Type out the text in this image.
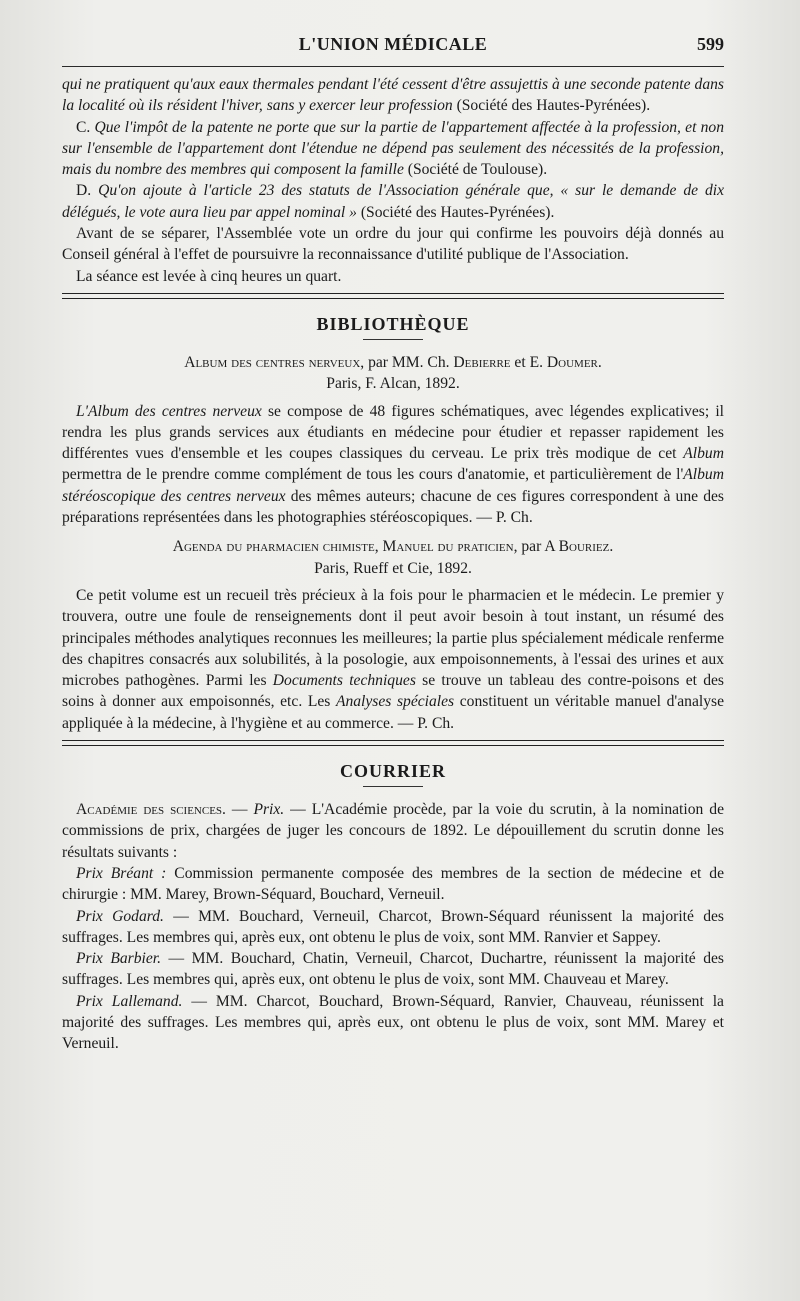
L'UNION MÉDICALE	599

qui ne pratiquent qu'aux eaux thermales pendant l'été cessent d'être assujettis à une seconde patente dans la localité où ils résident l'hiver, sans y exercer leur profession (Société des Hautes-Pyrénées).

C. Que l'impôt de la patente ne porte que sur la partie de l'appartement affectée à la profession, et non sur l'ensemble de l'appartement dont l'étendue ne dépend pas seulement des nécessités de la profession, mais du nombre des membres qui composent la famille (Société de Toulouse).

D. Qu'on ajoute à l'article 23 des statuts de l'Association générale que, « sur le demande de dix délégués, le vote aura lieu par appel nominal » (Société des Hautes-Pyrénées).

Avant de se séparer, l'Assemblée vote un ordre du jour qui confirme les pouvoirs déjà donnés au Conseil général à l'effet de poursuivre la reconnaissance d'utilité publique de l'Association.

La séance est levée à cinq heures un quart.

BIBLIOTHÈQUE

Album des centres nerveux, par MM. Ch. Debierre et E. Doumer.

Paris, F. Alcan, 1892.

L'Album des centres nerveux se compose de 48 figures schématiques, avec légendes explicatives; il rendra les plus grands services aux étudiants en médecine pour étudier et repasser rapidement les différentes vues d'ensemble et les coupes classiques du cerveau. Le prix très modique de cet Album permettra de le prendre comme complément de tous les cours d'anatomie, et particulièrement de l'Album stéréoscopique des centres nerveux des mêmes auteurs; chacune de ces figures correspondent à une des préparations représentées dans les photographies stéréoscopiques. — P. Ch.

Agenda du pharmacien chimiste, Manuel du praticien, par A Bouriez.

Paris, Rueff et Cie, 1892.

Ce petit volume est un recueil très précieux à la fois pour le pharmacien et le médecin. Le premier y trouvera, outre une foule de renseignements dont il peut avoir besoin à tout instant, un résumé des principales méthodes analytiques reconnues les meilleures; la partie plus spécialement médicale renferme des chapitres consacrés aux solubilités, à la posologie, aux empoisonnements, à l'essai des urines et aux microbes pathogènes. Parmi les Documents techniques se trouve un tableau des contre-poisons et des soins à donner aux empoisonnés, etc. Les Analyses spéciales constituent un véritable manuel d'analyse appliquée à la médecine, à l'hygiène et au commerce. — P. Ch.

COURRIER

Académie des sciences. — Prix. — L'Académie procède, par la voie du scrutin, à la nomination de commissions de prix, chargées de juger les concours de 1892. Le dépouillement du scrutin donne les résultats suivants :

Prix Bréant : Commission permanente composée des membres de la section de médecine et de chirurgie : MM. Marey, Brown-Séquard, Bouchard, Verneuil.

Prix Godard. — MM. Bouchard, Verneuil, Charcot, Brown-Séquard réunissent la majorité des suffrages. Les membres qui, après eux, ont obtenu le plus de voix, sont MM. Ranvier et Sappey.

Prix Barbier. — MM. Bouchard, Chatin, Verneuil, Charcot, Duchartre, réunissent la majorité des suffrages. Les membres qui, après eux, ont obtenu le plus de voix, sont MM. Chauveau et Marey.

Prix Lallemand. — MM. Charcot, Bouchard, Brown-Séquard, Ranvier, Chauveau, réunissent la majorité des suffrages. Les membres qui, après eux, ont obtenu le plus de voix, sont MM. Marey et Verneuil.
